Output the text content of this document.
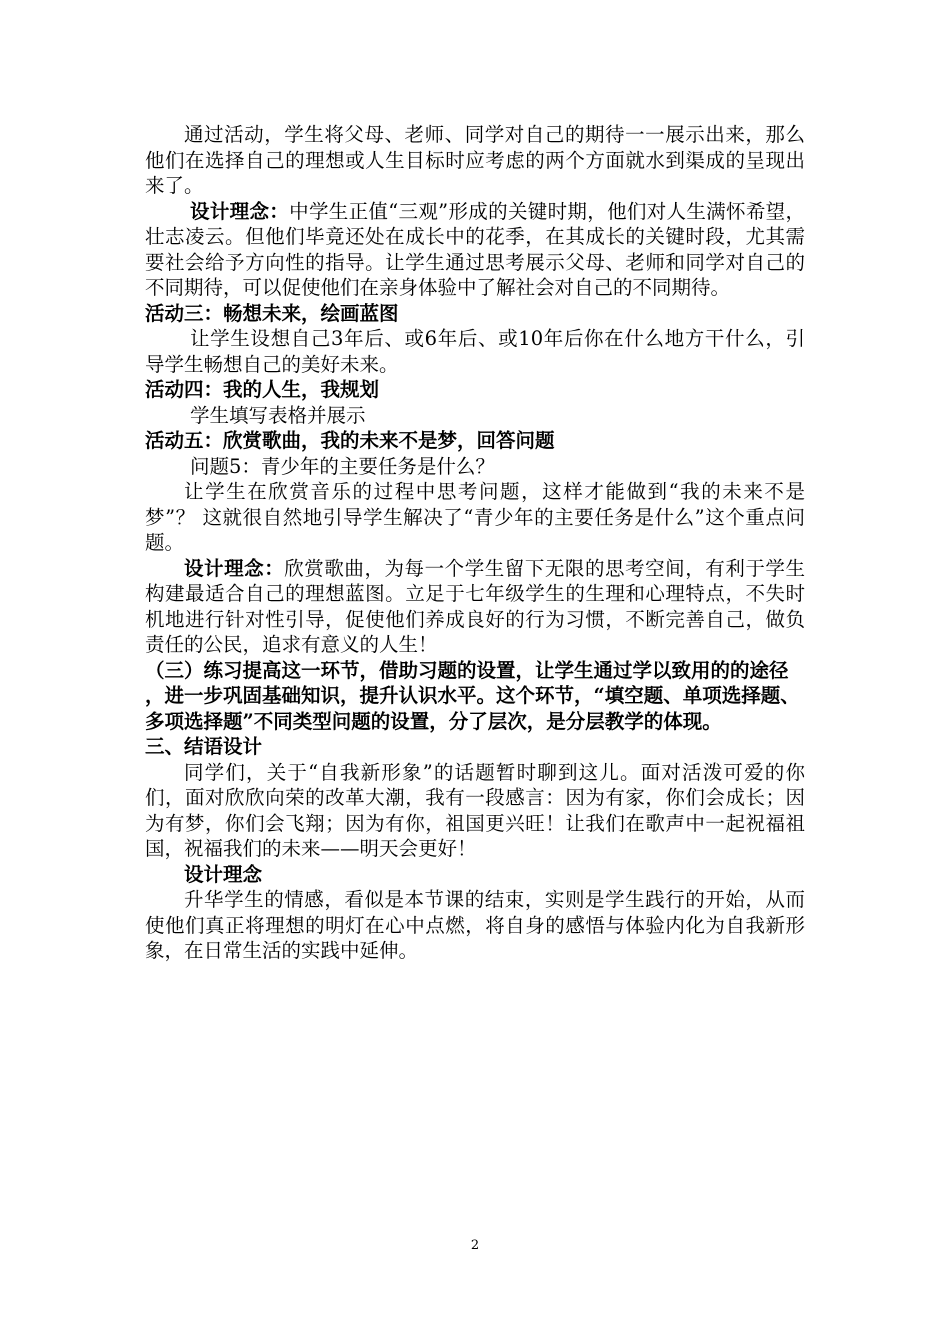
通过活动，学生将父母、老师、同学对自己的期待一一展示出来，那么他们在选择自己的理想或人生目标时应考虑的两个方面就水到渠成的呈现出来了。

设计理念：中学生正值“三观”形成的关键时期，他们对人生满怀希望，壮志凌云。但他们毕竟还处在成长中的花季，在其成长的关键时段，尤其需要社会给予方向性的指导。让学生通过思考展示父母、老师和同学对自己的不同期待，可以促使他们在亲身体验中了解社会对自己的不同期待。

活动三：畅想未来，绘画蓝图

让学生设想自己3年后、或6年后、或10年后你在什么地方干什么，引导学生畅想自己的美好未来。

活动四：我的人生，我规划

学生填写表格并展示

活动五：欣赏歌曲，我的未来不是梦，回答问题

问题5：青少年的主要任务是什么？

让学生在欣赏音乐的过程中思考问题，这样才能做到“我的未来不是梦”？ 这就很自然地引导学生解决了“青少年的主要任务是什么”这个重点问题。

设计理念：欣赏歌曲，为每一个学生留下无限的思考空间，有利于学生构建最适合自己的理想蓝图。立足于七年级学生的生理和心理特点，不失时机地进行针对性引导，促使他们养成良好的行为习惯，不断完善自己，做负责任的公民，追求有意义的人生！

（三）练习提高这一环节，借助习题的设置，让学生通过学以致用的的途径 ，进一步巩固基础知识，提升认识水平。这个环节，“填空题、单项选择题、多项选择题”不同类型问题的设置，分了层次，是分层教学的体现。

三、结语设计

同学们，关于“自我新形象”的话题暂时聊到这儿。面对活泼可爱的你们，面对欣欣向荣的改革大潮，我有一段感言：因为有家，你们会成长；因为有梦，你们会飞翔；因为有你，祖国更兴旺！让我们在歌声中一起祝福祖国，祝福我们的未来——明天会更好！

设计理念

升华学生的情感，看似是本节课的结束，实则是学生践行的开始，从而使他们真正将理想的明灯在心中点燃，将自身的感悟与体验内化为自我新形象，在日常生活的实践中延伸。

2
